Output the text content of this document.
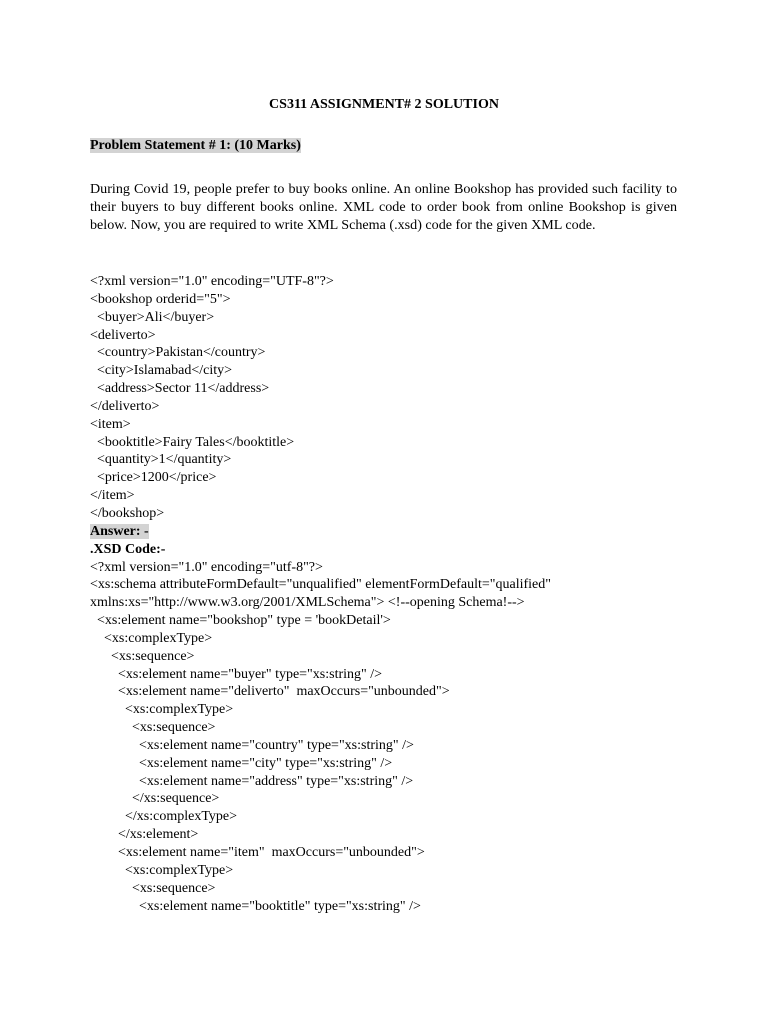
CS311 ASSIGNMENT# 2 SOLUTION
Problem Statement # 1: (10 Marks)
During Covid 19, people prefer to buy books online. An online Bookshop has provided such facility to their buyers to buy different books online. XML code to order book from online Bookshop is given below. Now, you are required to write XML Schema (.xsd) code for the given XML code.
<?xml version="1.0" encoding="UTF-8"?>
<bookshop orderid="5">
<buyer>Ali</buyer>
<deliverto>
<country>Pakistan</country>
<city>Islamabad</city>
<address>Sector 11</address>
</deliverto>
<item>
<booktitle>Fairy Tales</booktitle>
<quantity>1</quantity>
<price>1200</price>
</item>
</bookshop>
Answer: -
.XSD Code:-
<?xml version="1.0" encoding="utf-8"?>
<xs:schema attributeFormDefault="unqualified" elementFormDefault="qualified"
xmlns:xs="http://www.w3.org/2001/XMLSchema"> <!--opening Schema!-->
<xs:element name="bookshop" type = 'bookDetail'>
<xs:complexType>
<xs:sequence>
<xs:element name="buyer" type="xs:string" />
<xs:element name="deliverto"  maxOccurs="unbounded">
<xs:complexType>
<xs:sequence>
<xs:element name="country" type="xs:string" />
<xs:element name="city" type="xs:string" />
<xs:element name="address" type="xs:string" />
</xs:sequence>
</xs:complexType>
</xs:element>
<xs:element name="item"  maxOccurs="unbounded">
<xs:complexType>
<xs:sequence>
<xs:element name="booktitle" type="xs:string" />
